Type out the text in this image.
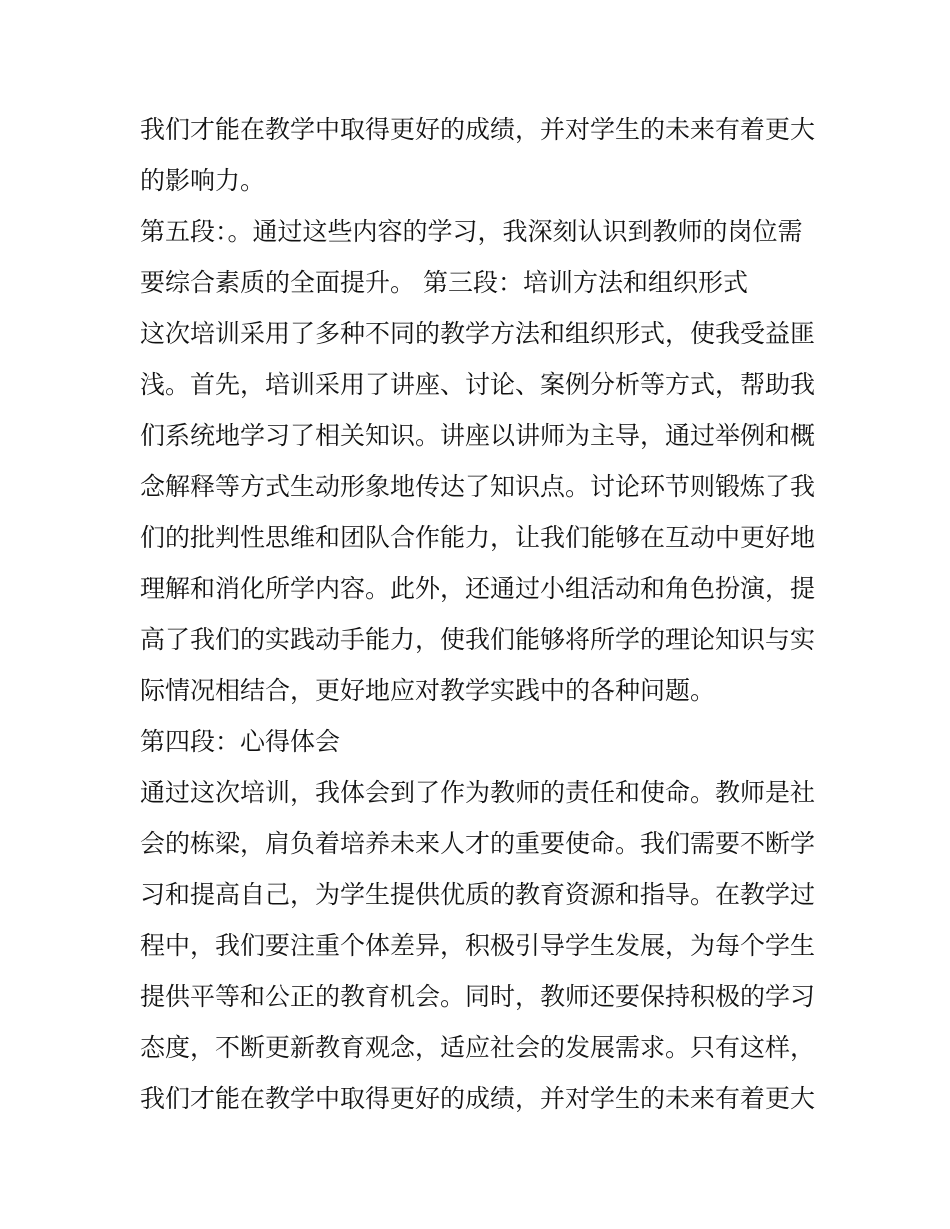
我们才能在教学中取得更好的成绩，并对学生的未来有着更大
的影响力。
第五段：。通过这些内容的学习，我深刻认识到教师的岗位需
要综合素质的全面提升。 第三段：培训方法和组织形式
这次培训采用了多种不同的教学方法和组织形式，使我受益匪
浅。首先，培训采用了讲座、讨论、案例分析等方式，帮助我
们系统地学习了相关知识。讲座以讲师为主导，通过举例和概
念解释等方式生动形象地传达了知识点。讨论环节则锻炼了我
们的批判性思维和团队合作能力，让我们能够在互动中更好地
理解和消化所学内容。此外，还通过小组活动和角色扮演，提
高了我们的实践动手能力，使我们能够将所学的理论知识与实
际情况相结合，更好地应对教学实践中的各种问题。
第四段：心得体会
通过这次培训，我体会到了作为教师的责任和使命。教师是社
会的栋梁，肩负着培养未来人才的重要使命。我们需要不断学
习和提高自己，为学生提供优质的教育资源和指导。在教学过
程中，我们要注重个体差异，积极引导学生发展，为每个学生
提供平等和公正的教育机会。同时，教师还要保持积极的学习
态度，不断更新教育观念，适应社会的发展需求。只有这样，
我们才能在教学中取得更好的成绩，并对学生的未来有着更大
